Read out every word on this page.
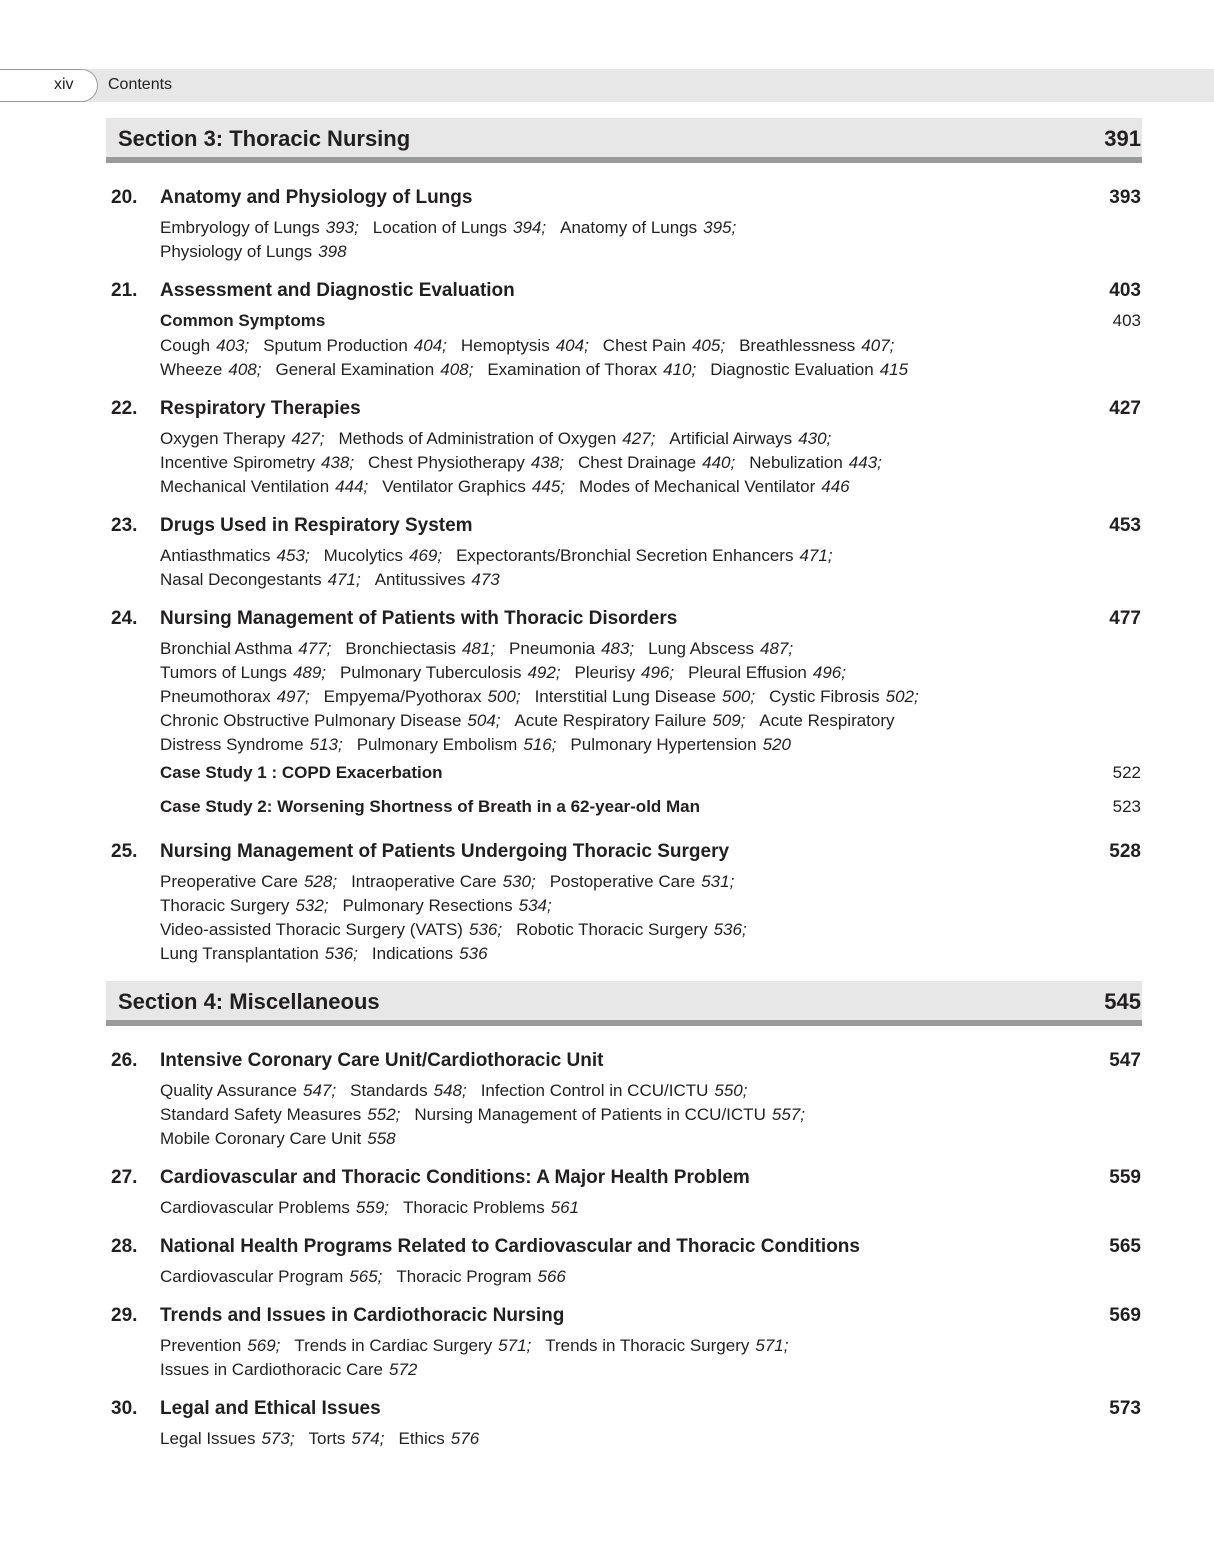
xiv Contents
Section 3: Thoracic Nursing	391
20. Anatomy and Physiology of Lungs	393
Embryology of Lungs 393; Location of Lungs 394; Anatomy of Lungs 395;
Physiology of Lungs 398
21. Assessment and Diagnostic Evaluation	403
Common Symptoms	403
Cough 403; Sputum Production 404; Hemoptysis 404; Chest Pain 405; Breathlessness 407;
Wheeze 408; General Examination 408; Examination of Thorax 410; Diagnostic Evaluation 415
22. Respiratory Therapies	427
Oxygen Therapy 427; Methods of Administration of Oxygen 427; Artificial Airways 430;
Incentive Spirometry 438; Chest Physiotherapy 438; Chest Drainage 440; Nebulization 443;
Mechanical Ventilation 444; Ventilator Graphics 445; Modes of Mechanical Ventilator 446
23. Drugs Used in Respiratory System	453
Antiasthmatics 453; Mucolytics 469; Expectorants/Bronchial Secretion Enhancers 471;
Nasal Decongestants 471; Antitussives 473
24. Nursing Management of Patients with Thoracic Disorders	477
Bronchial Asthma 477; Bronchiectasis 481; Pneumonia 483; Lung Abscess 487;
Tumors of Lungs 489; Pulmonary Tuberculosis 492; Pleurisy 496; Pleural Effusion 496;
Pneumothorax 497; Empyema/Pyothorax 500; Interstitial Lung Disease 500; Cystic Fibrosis 502;
Chronic Obstructive Pulmonary Disease 504; Acute Respiratory Failure 509; Acute Respiratory
Distress Syndrome 513; Pulmonary Embolism 516; Pulmonary Hypertension 520
Case Study 1 : COPD Exacerbation	522
Case Study 2: Worsening Shortness of Breath in a 62-year-old Man	523
25. Nursing Management of Patients Undergoing Thoracic Surgery	528
Preoperative Care 528; Intraoperative Care 530; Postoperative Care 531;
Thoracic Surgery 532; Pulmonary Resections 534;
Video-assisted Thoracic Surgery (VATS) 536; Robotic Thoracic Surgery 536;
Lung Transplantation 536; Indications 536
Section 4: Miscellaneous	545
26. Intensive Coronary Care Unit/Cardiothoracic Unit	547
Quality Assurance 547; Standards 548; Infection Control in CCU/ICTU 550;
Standard Safety Measures 552; Nursing Management of Patients in CCU/ICTU 557;
Mobile Coronary Care Unit 558
27. Cardiovascular and Thoracic Conditions: A Major Health Problem	559
Cardiovascular Problems 559; Thoracic Problems 561
28. National Health Programs Related to Cardiovascular and Thoracic Conditions	565
Cardiovascular Program 565; Thoracic Program 566
29. Trends and Issues in Cardiothoracic Nursing	569
Prevention 569; Trends in Cardiac Surgery 571; Trends in Thoracic Surgery 571;
Issues in Cardiothoracic Care 572
30. Legal and Ethical Issues	573
Legal Issues 573; Torts 574; Ethics 576
